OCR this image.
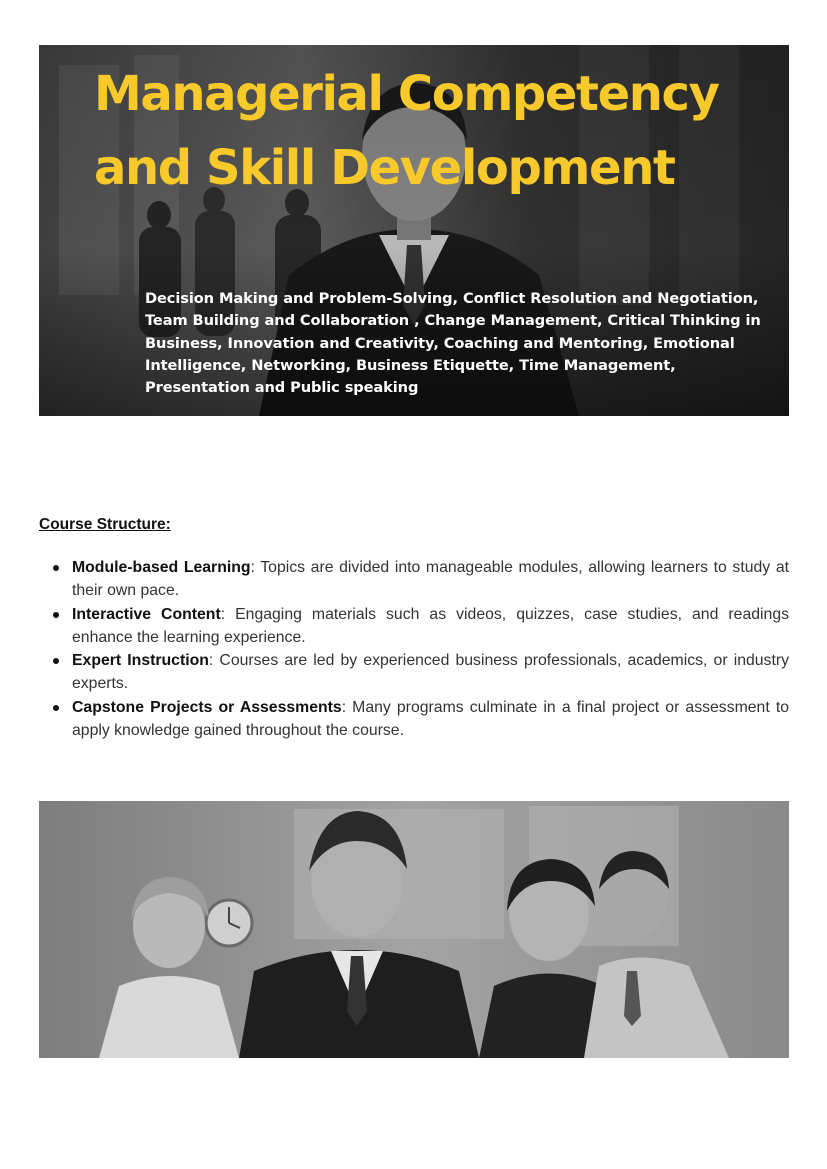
Managerial Competency and Skill Development

Decision Making and Problem-Solving, Conflict Resolution and Negotiation, Team Building and Collaboration , Change Management, Critical Thinking in Business, Innovation and Creativity, Coaching and Mentoring, Emotional Intelligence, Networking, Business Etiquette, Time Management, Presentation and Public speaking

Course Structure:
Module-based Learning: Topics are divided into manageable modules, allowing learners to study at their own pace.
Interactive Content: Engaging materials such as videos, quizzes, case studies, and readings enhance the learning experience.
Expert Instruction: Courses are led by experienced business professionals, academics, or industry experts.
Capstone Projects or Assessments: Many programs culminate in a final project or assessment to apply knowledge gained throughout the course.
